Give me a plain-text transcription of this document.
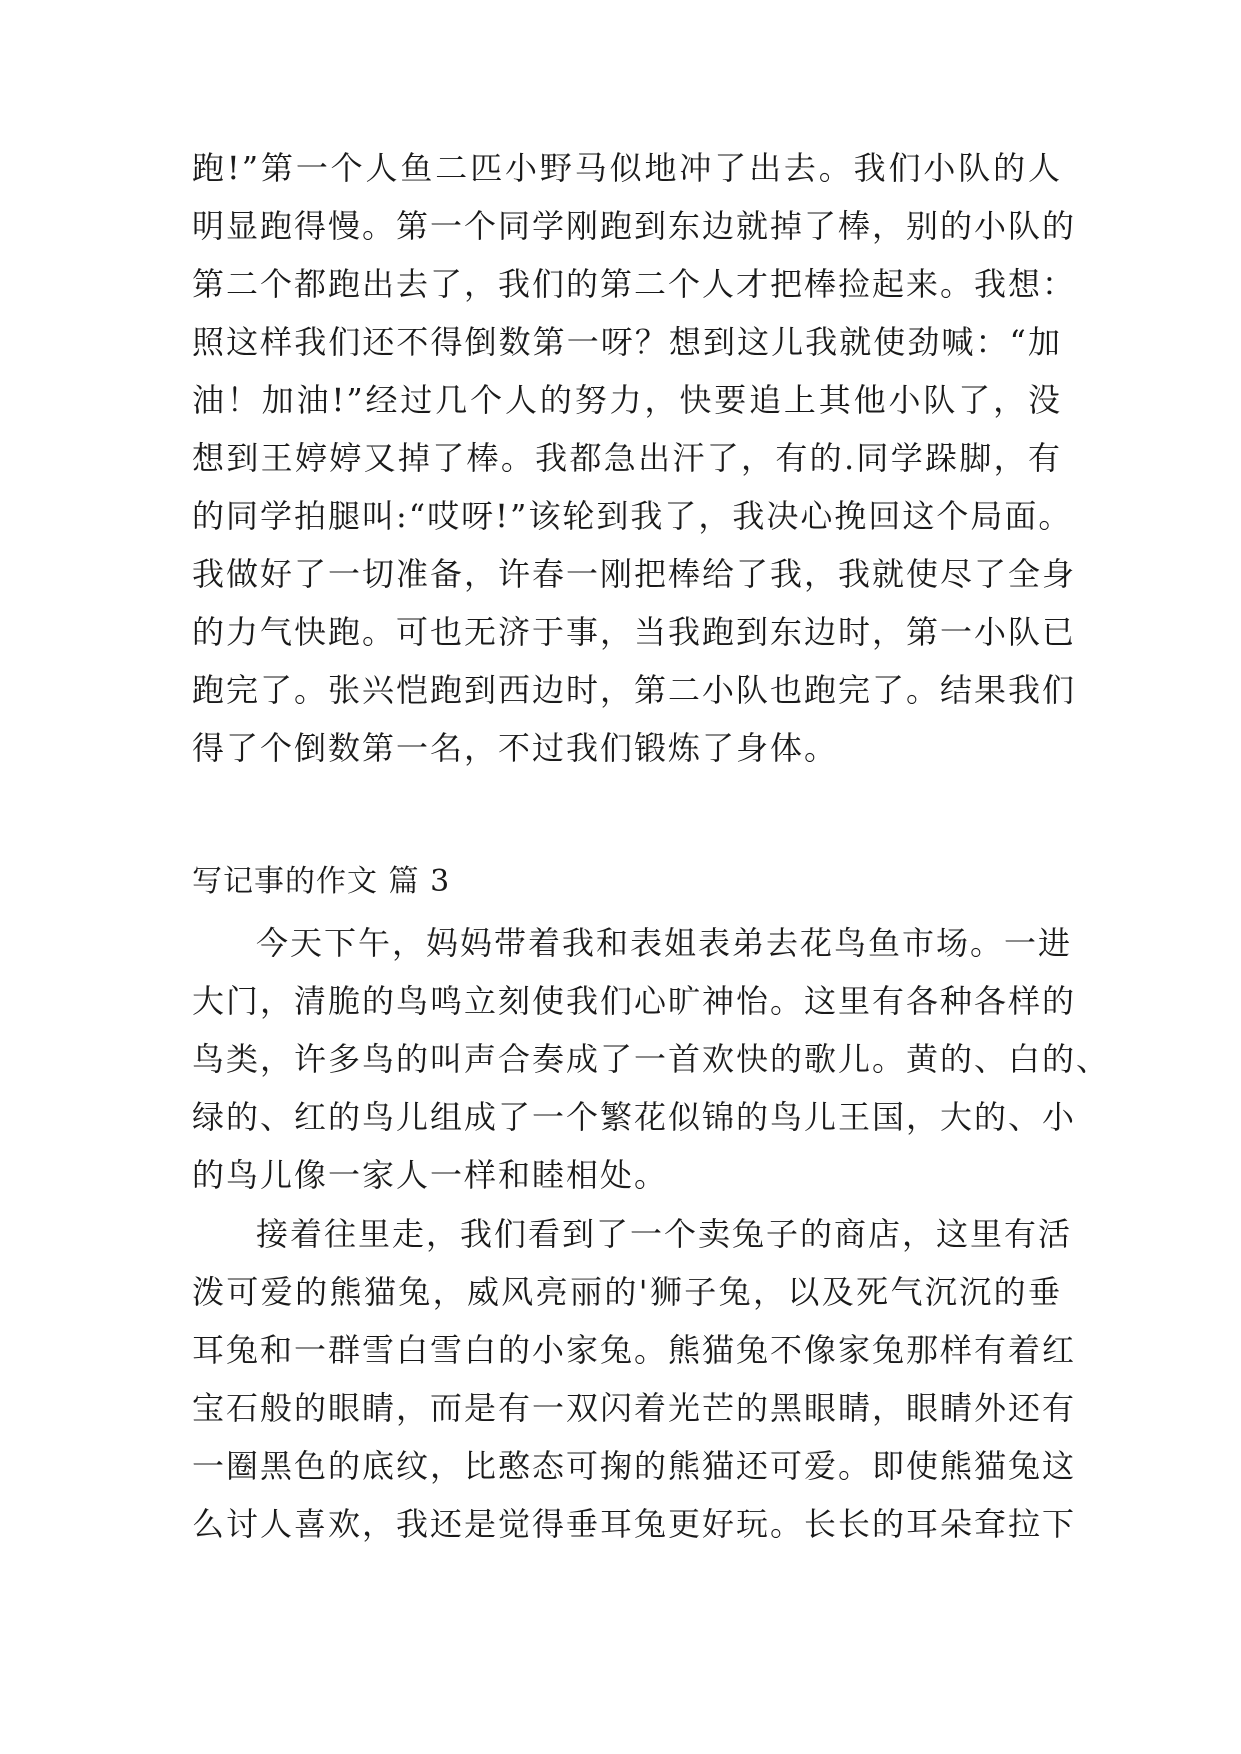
跑!”第一个人鱼二匹小野马似地冲了出去。我们小队的人
明显跑得慢。第一个同学刚跑到东边就掉了棒，别的小队的
第二个都跑出去了，我们的第二个人才把棒捡起来。我想：
照这样我们还不得倒数第一呀？想到这儿我就使劲喊：“加
油！加油!”经过几个人的努力，快要追上其他小队了，没
想到王婷婷又掉了棒。我都急出汗了，有的.同学跺脚，有
的同学拍腿叫:“哎呀!”该轮到我了，我决心挽回这个局面。
我做好了一切准备，许春一刚把棒给了我，我就使尽了全身
的力气快跑。可也无济于事，当我跑到东边时，第一小队已
跑完了。张兴恺跑到西边时，第二小队也跑完了。结果我们
得了个倒数第一名，不过我们锻炼了身体。
写记事的作文 篇 3
今天下午，妈妈带着我和表姐表弟去花鸟鱼市场。一进
大门，清脆的鸟鸣立刻使我们心旷神怡。这里有各种各样的
鸟类，许多鸟的叫声合奏成了一首欢快的歌儿。黄的、白的、
绿的、红的鸟儿组成了一个繁花似锦的鸟儿王国，大的、小
的鸟儿像一家人一样和睦相处。
接着往里走，我们看到了一个卖兔子的商店，这里有活
泼可爱的熊猫兔，威风亮丽的'狮子兔，以及死气沉沉的垂
耳兔和一群雪白雪白的小家兔。熊猫兔不像家兔那样有着红
宝石般的眼睛，而是有一双闪着光芒的黑眼睛，眼睛外还有
一圈黑色的底纹，比憨态可掬的熊猫还可爱。即使熊猫兔这
么讨人喜欢，我还是觉得垂耳兔更好玩。长长的耳朵耷拉下
